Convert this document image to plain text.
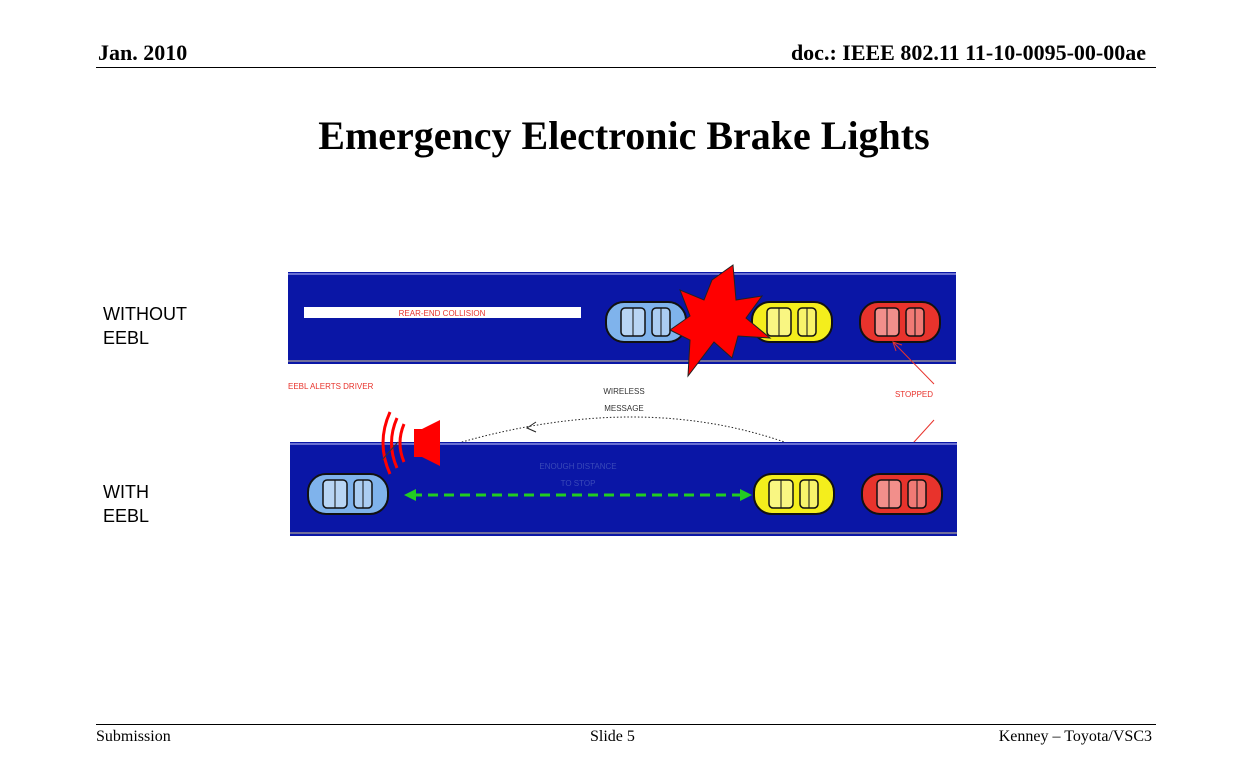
Jan. 2010	doc.: IEEE 802.11 11-10-0095-00-00ae
Emergency Electronic Brake Lights
WITHOUT
EEBL
WITH
EEBL
REAR-END COLLISION
EEBL ALERTS DRIVER
WIRELESS
MESSAGE
STOPPED
ENOUGH DISTANCE
TO STOP
Submission	Slide 5	Kenney – Toyota/VSC3
